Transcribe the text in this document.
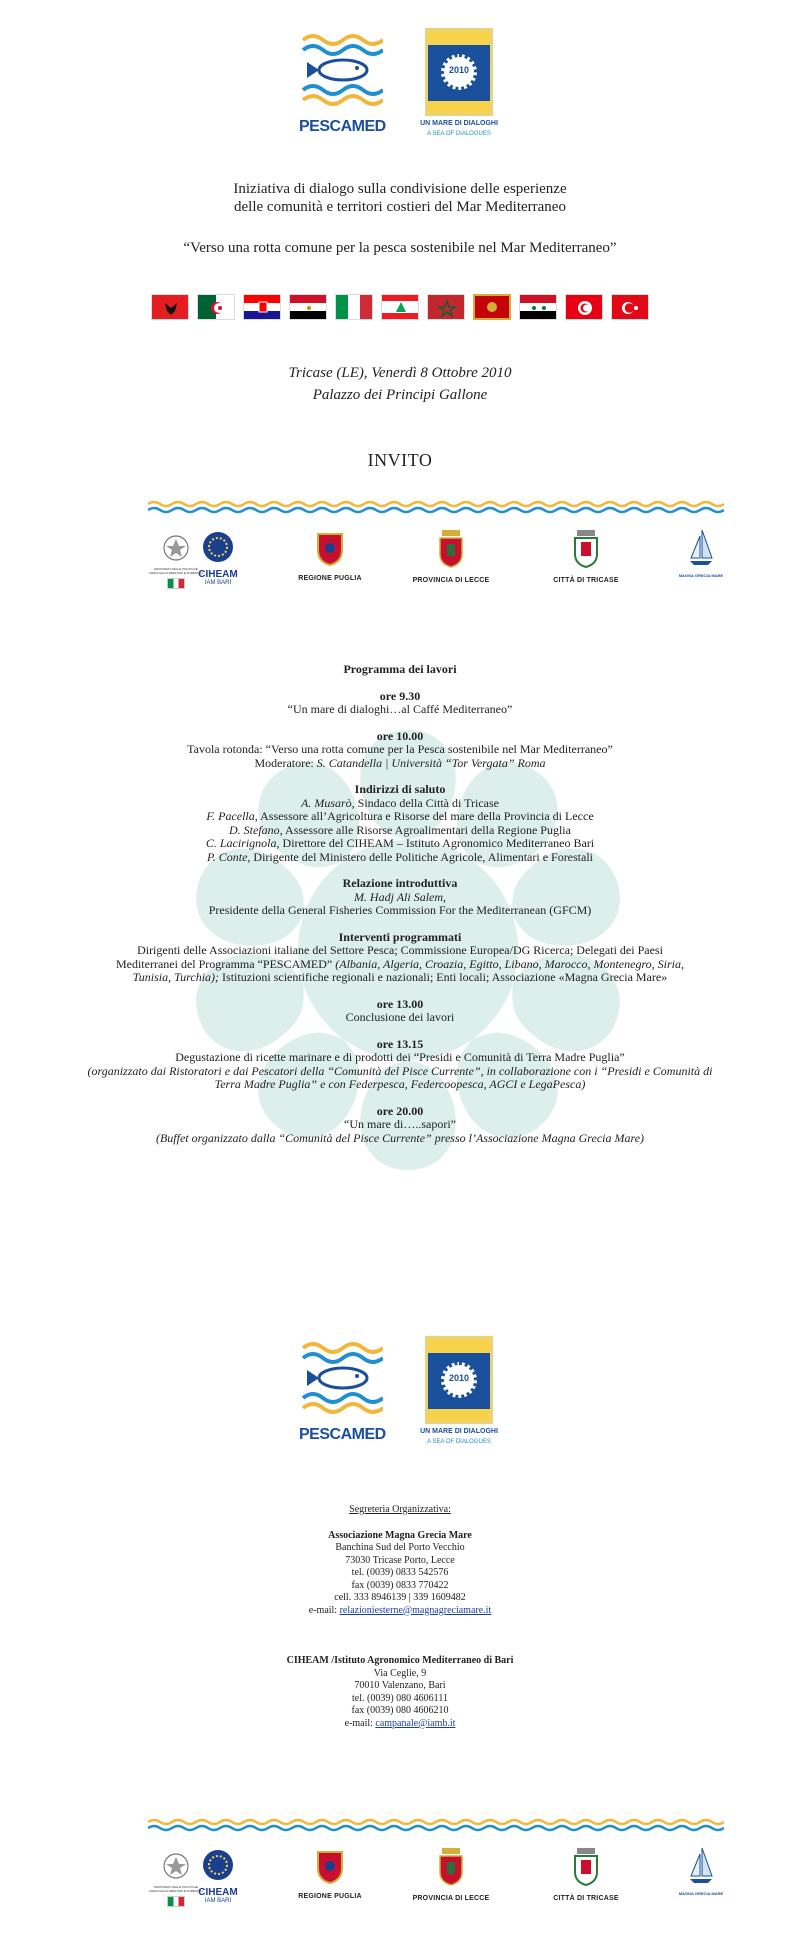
PESCAMED
2010
UN MARE DI DIALOGHI
A SEA OF DIALOGUES
Iniziativa di dialogo sulla condivisione delle esperienze
delle comunità e territori costieri del Mar Mediterraneo
“Verso una rotta comune per la pesca sostenibile nel Mar Mediterraneo”
Tricase (LE), Venerdì 8 Ottobre 2010
Palazzo dei Principi Gallone
INVITO
MINISTERO DELLE POLITICHE AGRICOLE ALIMENTARI E FORESTALI
CIHEAM
IAM BARI
REGIONE PUGLIA	PROVINCIA DI LECCE	CITTÀ DI TRICASE
MAGNA GRECIA MARE
Programma dei lavori
ore 9.30
“Un mare di dialoghi…al Caffé Mediterraneo”
ore 10.00
Tavola rotonda: “Verso una rotta comune per la Pesca sostenibile nel Mar Mediterraneo”
Moderatore: S. Catandella | Università “Tor Vergata” Roma
Indirizzi di saluto
A. Musarò, Sindaco della Città di Tricase
F. Pacella, Assessore all’Agricoltura e Risorse del mare della Provincia di Lecce
D. Stefano, Assessore alle Risorse Agroalimentari della Regione Puglia
C. Lacirignola, Direttore del CIHEAM – Istituto Agronomico Mediterraneo Bari
P. Conte, Dirigente del Ministero delle Politiche Agricole, Alimentari e Forestali
Relazione introduttiva
M. Hadj Ali Salem,
Presidente della General Fisheries Commission For the Mediterranean (GFCM)
Interventi programmati
Dirigenti delle Associazioni italiane del Settore Pesca; Commissione Europea/DG Ricerca; Delegati dei Paesi
Mediterranei del Programma “PESCAMED” (Albania, Algeria, Croazia, Egitto, Libano, Marocco, Montenegro, Siria,
Tunisia, Turchia); Istituzioni scientifiche regionali e nazionali; Enti locali; Associazione «Magna Grecia Mare»
ore 13.00
Conclusione dei lavori
ore 13.15
Degustazione di ricette marinare e di prodotti dei “Presidi e Comunità di Terra Madre Puglia”
(organizzato dai Ristoratori e dai Pescatori della “Comunità del Pisce Currente”, in collaborazione con i “Presidi e Comunità di
Terra Madre Puglia” e con Federpesca, Federcoopesca, AGCI e LegaPesca)
ore 20.00
“Un mare di…..sapori”
(Buffet organizzato dalla “Comunità del Pisce Currente” presso l’Associazione Magna Grecia Mare)
PESCAMED
2010
UN MARE DI DIALOGHI
A SEA OF DIALOGUES
Segreteria Organizzativa:
Associazione Magna Grecia Mare
Banchina Sud del Porto Vecchio
73030 Tricase Porto, Lecce
tel. (0039) 0833 542576
fax (0039) 0833 770422
cell. 333 8946139 | 339 1609482
e-mail: relazioniesterne@magnagreciamare.it
CIHEAM /Istituto Agronomico Mediterraneo di Bari
Via Ceglie, 9
70010 Valenzano, Bari
tel. (0039) 080 4606111
fax (0039) 080 4606210
e-mail: campanale@iamb.it
MINISTERO DELLE POLITICHE AGRICOLE ALIMENTARI E FORESTALI
CIHEAM
IAM BARI
REGIONE PUGLIA	PROVINCIA DI LECCE	CITTÀ DI TRICASE
MAGNA GRECIA MARE
